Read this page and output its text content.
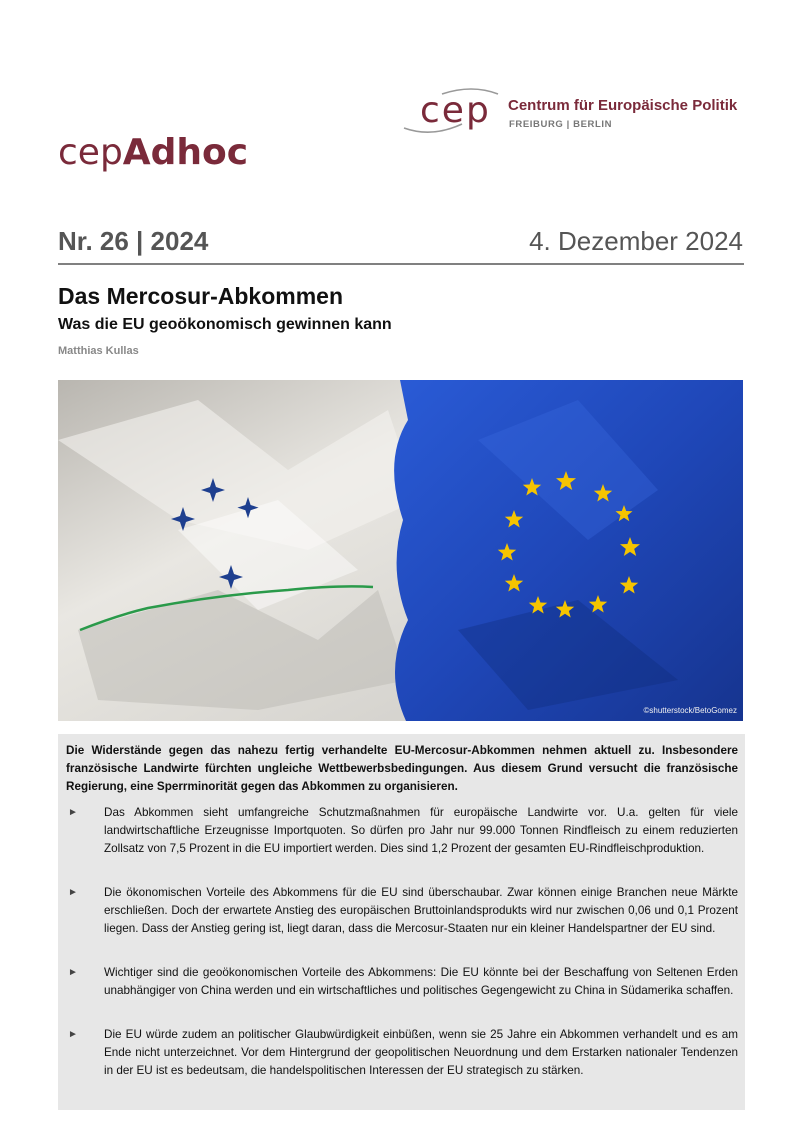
cep Centrum für Europäische Politik
FREIBURG | BERLIN
cepAdhoc
Nr. 26 | 2024	4. Dezember 2024
Das Mercosur-Abkommen
Was die EU geoökonomisch gewinnen kann
Matthias Kullas
©shutterstock/BetoGomez
Die Widerstände gegen das nahezu fertig verhandelte EU-Mercosur-Abkommen nehmen aktuell zu. Insbesondere französische Landwirte fürchten ungleiche Wettbewerbsbedingungen. Aus diesem Grund versucht die französische Regierung, eine Sperrminorität gegen das Abkommen zu organisieren.
► Das Abkommen sieht umfangreiche Schutzmaßnahmen für europäische Landwirte vor. U.a. gelten für viele landwirtschaftliche Erzeugnisse Importquoten. So dürfen pro Jahr nur 99.000 Tonnen Rindfleisch zu einem reduzierten Zollsatz von 7,5 Prozent in die EU importiert werden. Dies sind 1,2 Prozent der gesamten EU-Rindfleischproduktion.
► Die ökonomischen Vorteile des Abkommens für die EU sind überschaubar. Zwar können einige Branchen neue Märkte erschließen. Doch der erwartete Anstieg des europäischen Bruttoinlandsprodukts wird nur zwischen 0,06 und 0,1 Prozent liegen. Dass der Anstieg gering ist, liegt daran, dass die Mercosur-Staaten nur ein kleiner Handelspartner der EU sind.
► Wichtiger sind die geoökonomischen Vorteile des Abkommens: Die EU könnte bei der Beschaffung von Seltenen Erden unabhängiger von China werden und ein wirtschaftliches und politisches Gegengewicht zu China in Südamerika schaffen.
► Die EU würde zudem an politischer Glaubwürdigkeit einbüßen, wenn sie 25 Jahre ein Abkommen verhandelt und es am Ende nicht unterzeichnet. Vor dem Hintergrund der geopolitischen Neuordnung und dem Erstarken nationaler Tendenzen in der EU ist es bedeutsam, die handelspolitischen Interessen der EU strategisch zu stärken.
